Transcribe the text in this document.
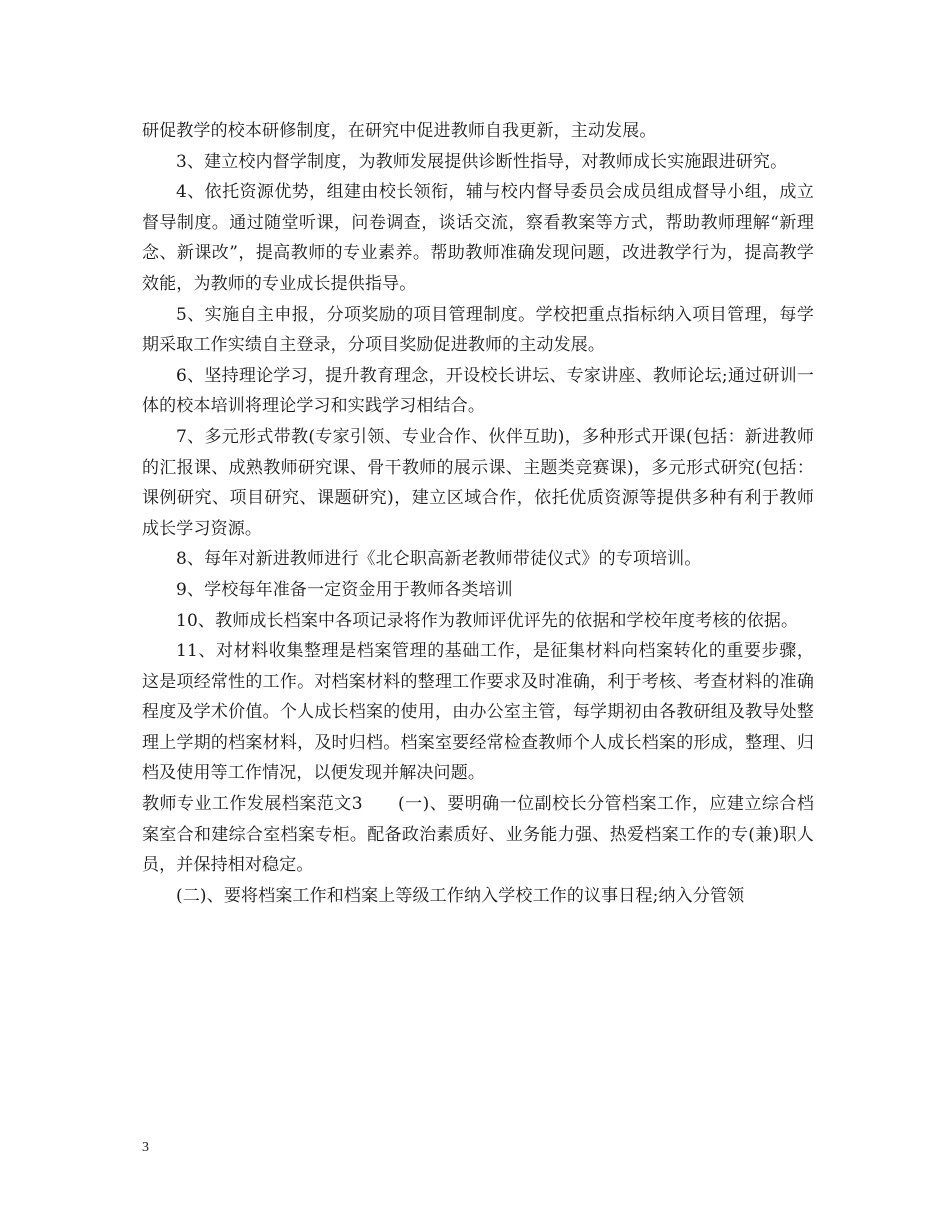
研促教学的校本研修制度，在研究中促进教师自我更新，主动发展。

3、建立校内督学制度，为教师发展提供诊断性指导，对教师成长实施跟进研究。

4、依托资源优势，组建由校长领衔，辅与校内督导委员会成员组成督导小组，成立督导制度。通过随堂听课，问卷调查，谈话交流，察看教案等方式，帮助教师理解“新理念、新课改”，提高教师的专业素养。帮助教师准确发现问题，改进教学行为，提高教学效能，为教师的专业成长提供指导。

5、实施自主申报，分项奖励的项目管理制度。学校把重点指标纳入项目管理，每学期采取工作实绩自主登录，分项目奖励促进教师的主动发展。

6、坚持理论学习，提升教育理念，开设校长讲坛、专家讲座、教师论坛;通过研训一体的校本培训将理论学习和实践学习相结合。

7、多元形式带教(专家引领、专业合作、伙伴互助)，多种形式开课(包括：新进教师的汇报课、成熟教师研究课、骨干教师的展示课、主题类竞赛课)，多元形式研究(包括：课例研究、项目研究、课题研究)，建立区域合作，依托优质资源等提供多种有利于教师成长学习资源。

8、每年对新进教师进行《北仑职高新老教师带徒仪式》的专项培训。

9、学校每年准备一定资金用于教师各类培训

10、教师成长档案中各项记录将作为教师评优评先的依据和学校年度考核的依据。

11、对材料收集整理是档案管理的基础工作，是征集材料向档案转化的重要步骤，这是项经常性的工作。对档案材料的整理工作要求及时准确，利于考核、考查材料的准确程度及学术价值。个人成长档案的使用，由办公室主管，每学期初由各教研组及教导处整理上学期的档案材料，及时归档。档案室要经常检查教师个人成长档案的形成，整理、归档及使用等工作情况，以便发现并解决问题。

教师专业工作发展档案范文3　　(一)、要明确一位副校长分管档案工作，应建立综合档案室合和建综合室档案专柜。配备政治素质好、业务能力强、热爱档案工作的专(兼)职人员，并保持相对稳定。

(二)、要将档案工作和档案上等级工作纳入学校工作的议事日程;纳入分管领

3
